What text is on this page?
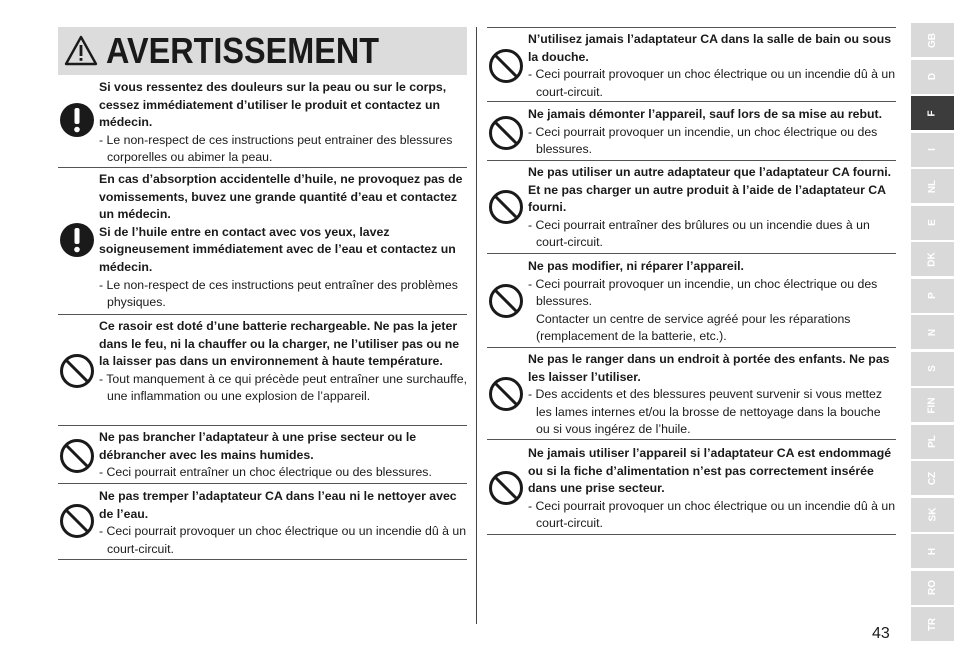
AVERTISSEMENT
Si vous ressentez des douleurs sur la peau ou sur le corps, cessez immédiatement d’utiliser le produit et contactez un médecin.
- Le non-respect de ces instructions peut entrainer des blessures corporelles ou abimer la peau.
En cas d’absorption accidentelle d’huile, ne provoquez pas de vomissements, buvez une grande quantité d’eau et contactez un médecin.
Si de l’huile entre en contact avec vos yeux, lavez soigneusement immédiatement avec de l’eau et contactez un médecin.
- Le non-respect de ces instructions peut entraîner des problèmes physiques.
Ce rasoir est doté d’une batterie rechargeable. Ne pas la jeter dans le feu, ni la chauffer ou la charger, ne l’utiliser pas ou ne la laisser pas dans un environnement à haute température.
- Tout manquement à ce qui précède peut entraîner une surchauffe, une inflammation ou une explosion de l’appareil.
Ne pas brancher l’adaptateur à une prise secteur ou le débrancher avec les mains humides.
- Ceci pourrait entraîner un choc électrique ou des blessures.
Ne pas tremper l’adaptateur CA dans l’eau ni le nettoyer avec de l’eau.
- Ceci pourrait provoquer un choc électrique ou un incendie dû à un court-circuit.
N’utilisez jamais l’adaptateur CA dans la salle de bain ou sous la douche.
- Ceci pourrait provoquer un choc électrique ou un incendie dû à un court-circuit.
Ne jamais démonter l’appareil, sauf lors de sa mise au rebut.
- Ceci pourrait provoquer un incendie, un choc électrique ou des blessures.
Ne pas utiliser un autre adaptateur que l’adaptateur CA fourni. Et ne pas charger un autre produit à l’aide de l’adaptateur CA fourni.
- Ceci pourrait entraîner des brûlures ou un incendie dues à un court-circuit.
Ne pas modifier, ni réparer l’appareil.
- Ceci pourrait provoquer un incendie, un choc électrique ou des blessures.
Contacter un centre de service agréé pour les réparations (remplacement de la batterie, etc.).
Ne pas le ranger dans un endroit à portée des enfants. Ne pas les laisser l’utiliser.
- Des accidents et des blessures peuvent survenir si vous mettez les lames internes et/ou la brosse de nettoyage dans la bouche ou si vous ingérez de l’huile.
Ne jamais utiliser l’appareil si l’adaptateur CA est endommagé ou si la fiche d’alimentation n’est pas correctement insérée dans une prise secteur.
- Ceci pourrait provoquer un choc électrique ou un incendie dû à un court-circuit.
GB
D
F
I
NL
E
DK
P
N
S
FIN
PL
CZ
SK
H
RO
TR
43
